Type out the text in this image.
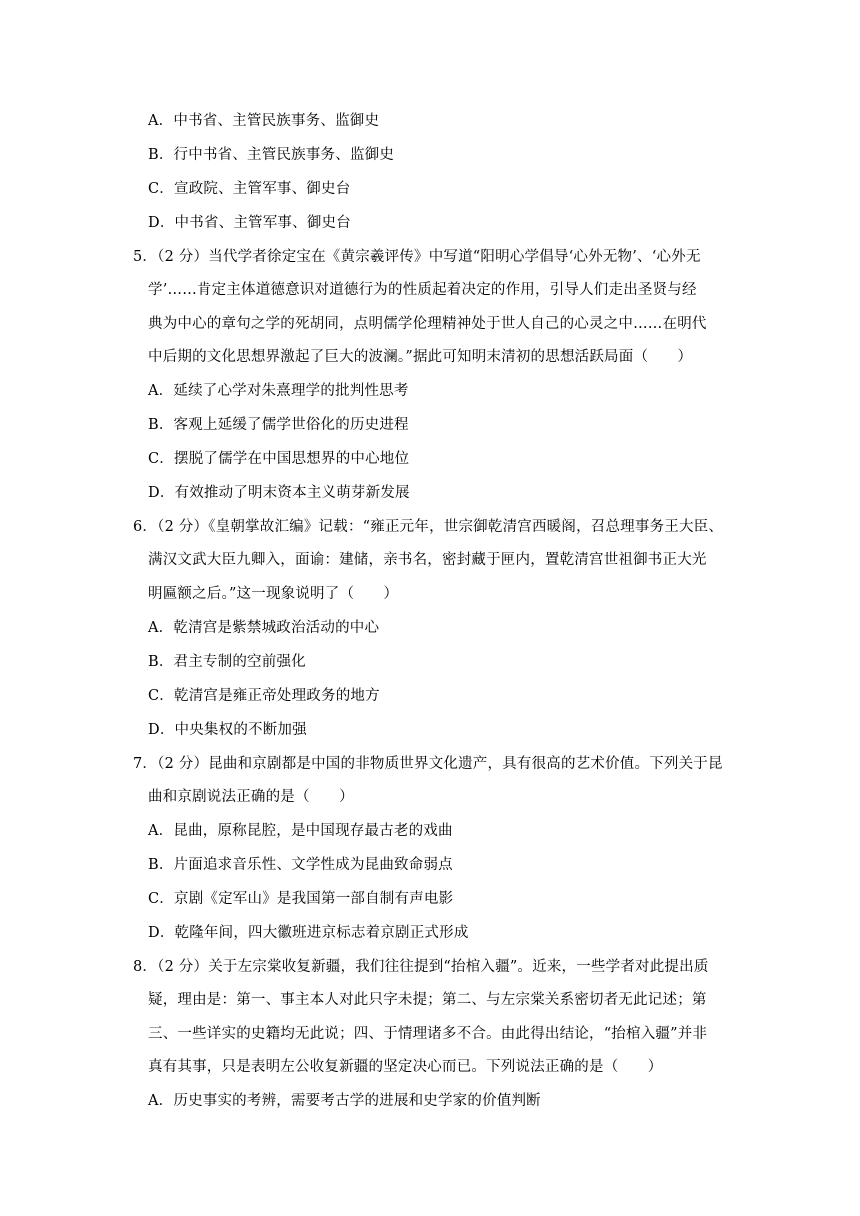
A．中书省、主管民族事务、监御史
B．行中书省、主管民族事务、监御史
C．宣政院、主管军事、御史台
D．中书省、主管军事、御史台
5．（2 分）当代学者徐定宝在《黄宗羲评传》中写道“阳明心学倡导‘心外无物’、‘心外无
学’……肯定主体道德意识对道德行为的性质起着决定的作用，引导人们走出圣贤与经
典为中心的章句之学的死胡同，点明儒学伦理精神处于世人自己的心灵之中……在明代
中后期的文化思想界激起了巨大的波澜。”据此可知明末清初的思想活跃局面（　　）
A．延续了心学对朱熹理学的批判性思考
B．客观上延缓了儒学世俗化的历史进程
C．摆脱了儒学在中国思想界的中心地位
D．有效推动了明末资本主义萌芽新发展
6．（2 分）《皇朝掌故汇编》记载：“雍正元年，世宗御乾清宫西暖阁，召总理事务王大臣、
满汉文武大臣九卿入，面谕：建储，亲书名，密封藏于匣内，置乾清宫世祖御书正大光
明匾额之后。”这一现象说明了（　　）
A．乾清宫是紫禁城政治活动的中心
B．君主专制的空前强化
C．乾清宫是雍正帝处理政务的地方
D．中央集权的不断加强
7．（2 分）昆曲和京剧都是中国的非物质世界文化遗产，具有很高的艺术价值。下列关于昆
曲和京剧说法正确的是（　　）
A．昆曲，原称昆腔，是中国现存最古老的戏曲
B．片面追求音乐性、文学性成为昆曲致命弱点
C．京剧《定军山》是我国第一部自制有声电影
D．乾隆年间，四大徽班进京标志着京剧正式形成
8．（2 分）关于左宗棠收复新疆，我们往往提到“抬棺入疆”。近来，一些学者对此提出质
疑，理由是：第一、事主本人对此只字未提；第二、与左宗棠关系密切者无此记述；第
三、一些详实的史籍均无此说；四、于情理诸多不合。由此得出结论，“抬棺入疆”并非
真有其事，只是表明左公收复新疆的坚定决心而已。下列说法正确的是（　　）
A．历史事实的考辨，需要考古学的进展和史学家的价值判断
